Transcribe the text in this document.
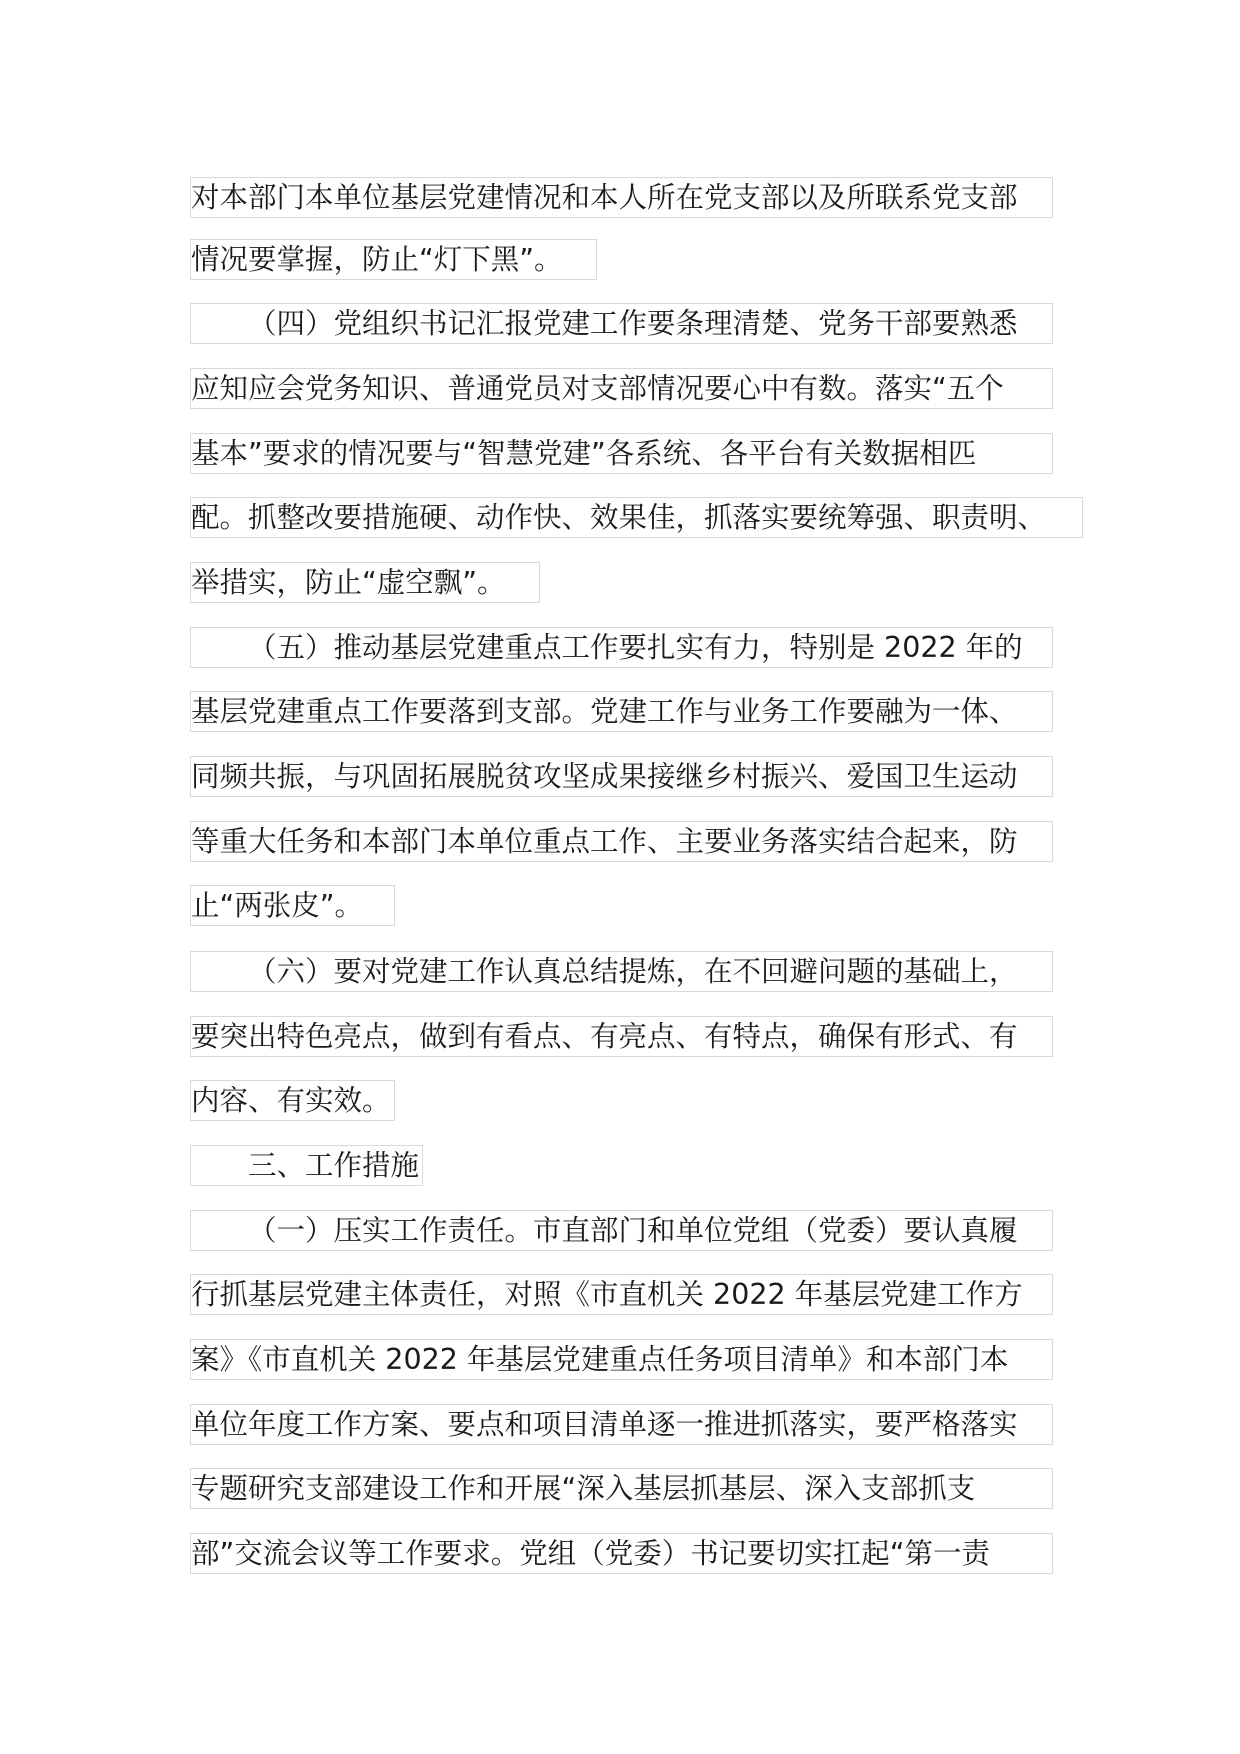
对本部门本单位基层党建情况和本人所在党支部以及所联系党支部
情况要掌握，防止“灯下黑”。
（四）党组织书记汇报党建工作要条理清楚、党务干部要熟悉
应知应会党务知识、普通党员对支部情况要心中有数。落实“五个
基本”要求的情况要与“智慧党建”各系统、各平台有关数据相匹
配。抓整改要措施硬、动作快、效果佳，抓落实要统筹强、职责明、
举措实，防止“虚空飘”。
（五）推动基层党建重点工作要扎实有力，特别是 2022 年的
基层党建重点工作要落到支部。党建工作与业务工作要融为一体、
同频共振，与巩固拓展脱贫攻坚成果接继乡村振兴、爱国卫生运动
等重大任务和本部门本单位重点工作、主要业务落实结合起来，防
止“两张皮”。
（六）要对党建工作认真总结提炼，在不回避问题的基础上，
要突出特色亮点，做到有看点、有亮点、有特点，确保有形式、有
内容、有实效。
三、工作措施
（一）压实工作责任。市直部门和单位党组（党委）要认真履
行抓基层党建主体责任，对照《市直机关 2022 年基层党建工作方
案》《市直机关 2022 年基层党建重点任务项目清单》和本部门本
单位年度工作方案、要点和项目清单逐一推进抓落实，要严格落实
专题研究支部建设工作和开展“深入基层抓基层、深入支部抓支
部”交流会议等工作要求。党组（党委）书记要切实扛起“第一责
